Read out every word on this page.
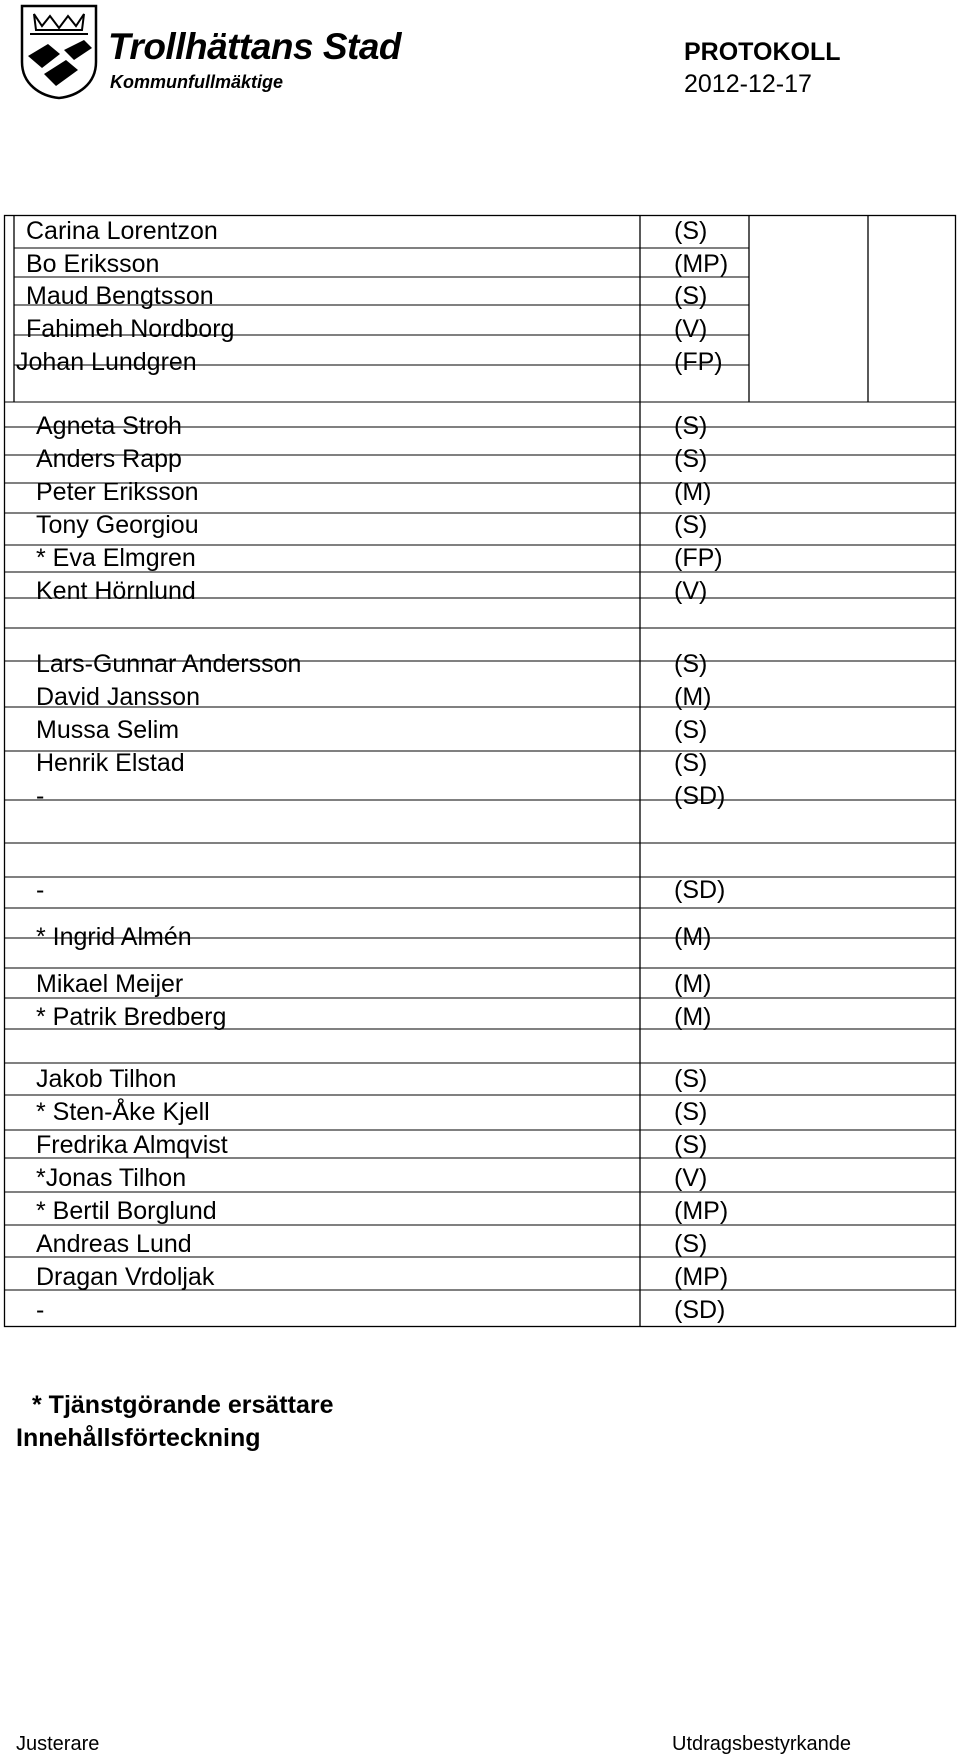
Trollhättans Stad
Kommunfullmäktige
PROTOKOLL
2012-12-17
Carina Lorentzon	(S)
Bo Eriksson	(MP)
Maud Bengtsson	(S)
Fahimeh Nordborg	(V)
Johan Lundgren	(FP)
Agneta Stroh	(S)
Anders Rapp	(S)
Peter Eriksson	(M)
Tony Georgiou	(S)
* Eva Elmgren	(FP)
Kent Hörnlund	(V)
Lars-Gunnar Andersson	(S)
David Jansson	(M)
Mussa Selim	(S)
Henrik Elstad	(S)
-	(SD)
-	(SD)
* Ingrid Almén	(M)
Mikael Meijer	(M)
* Patrik Bredberg	(M)
Jakob Tilhon	(S)
* Sten-Åke Kjell	(S)
Fredrika Almqvist	(S)
*Jonas Tilhon	(V)
* Bertil Borglund	(MP)
Andreas Lund	(S)
Dragan Vrdoljak	(MP)
-	(SD)
* Tjänstgörande ersättare
Innehållsförteckning
Justerare	Utdragsbestyrkande
